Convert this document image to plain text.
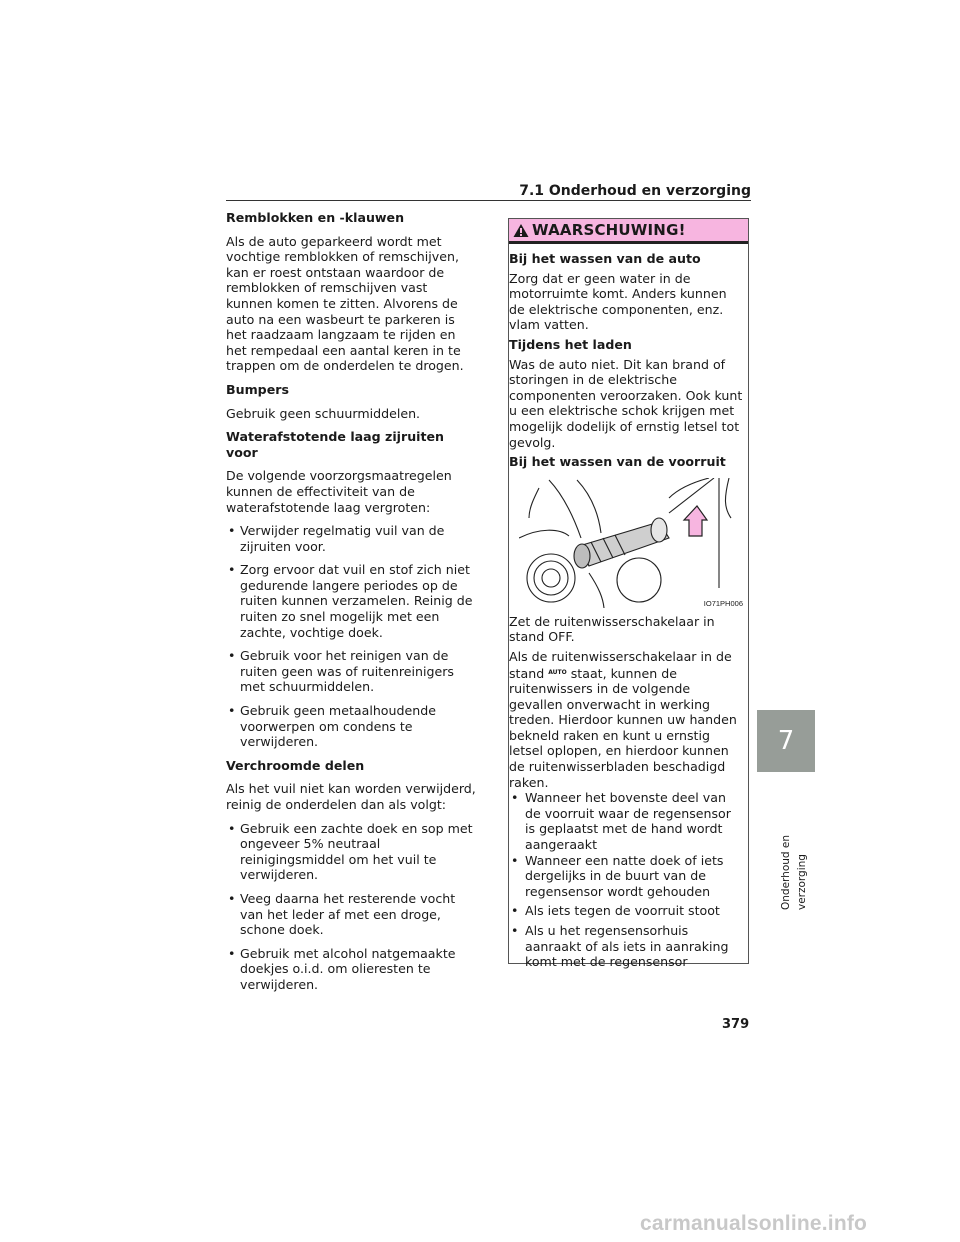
7.1 Onderhoud en verzorging

Remblokken en -klauwen

Als de auto geparkeerd wordt met vochtige remblokken of remschijven, kan er roest ontstaan waardoor de remblokken of remschijven vast kunnen komen te zitten. Alvorens de auto na een wasbeurt te parkeren is het raadzaam langzaam te rijden en het rempedaal een aantal keren in te trappen om de onderdelen te drogen.

Bumpers

Gebruik geen schuurmiddelen.

Waterafstotende laag zijruiten voor

De volgende voorzorgsmaatregelen kunnen de effectiviteit van de waterafstotende laag vergroten:

• Verwijder regelmatig vuil van de zijruiten voor.

• Zorg ervoor dat vuil en stof zich niet gedurende langere periodes op de ruiten kunnen verzamelen. Reinig de ruiten zo snel mogelijk met een zachte, vochtige doek.

• Gebruik voor het reinigen van de ruiten geen was of ruitenreinigers met schuurmiddelen.

• Gebruik geen metaalhoudende voorwerpen om condens te verwijderen.

Verchroomde delen

Als het vuil niet kan worden verwijderd, reinig de onderdelen dan als volgt:

• Gebruik een zachte doek en sop met ongeveer 5% neutraal reinigingsmiddel om het vuil te verwijderen.

• Veeg daarna het resterende vocht van het leder af met een droge, schone doek.

• Gebruik met alcohol natgemaakte doekjes o.i.d. om olieresten te verwijderen.

WAARSCHUWING!

Bij het wassen van de auto

Zorg dat er geen water in de motorruimte komt. Anders kunnen de elektrische componenten, enz. vlam vatten.

Tijdens het laden

Was de auto niet. Dit kan brand of storingen in de elektrische componenten veroorzaken. Ook kunt u een elektrische schok krijgen met mogelijk dodelijk of ernstig letsel tot gevolg.

Bij het wassen van de voorruit

IO71PH006

Zet de ruitenwisserschakelaar in stand OFF.

Als de ruitenwisserschakelaar in de stand AUTO staat, kunnen de ruitenwissers in de volgende gevallen onverwacht in werking treden. Hierdoor kunnen uw handen bekneld raken en kunt u ernstig letsel oplopen, en hierdoor kunnen de ruitenwisserbladen beschadigd raken.

• Wanneer het bovenste deel van de voorruit waar de regensensor is geplaatst met de hand wordt aangeraakt

• Wanneer een natte doek of iets dergelijks in de buurt van de regensensor wordt gehouden

• Als iets tegen de voorruit stoot

• Als u het regensensorhuis aanraakt of als iets in aanraking komt met de regensensor

7
Onderhoud en verzorging
379
carmanualsonline.info
